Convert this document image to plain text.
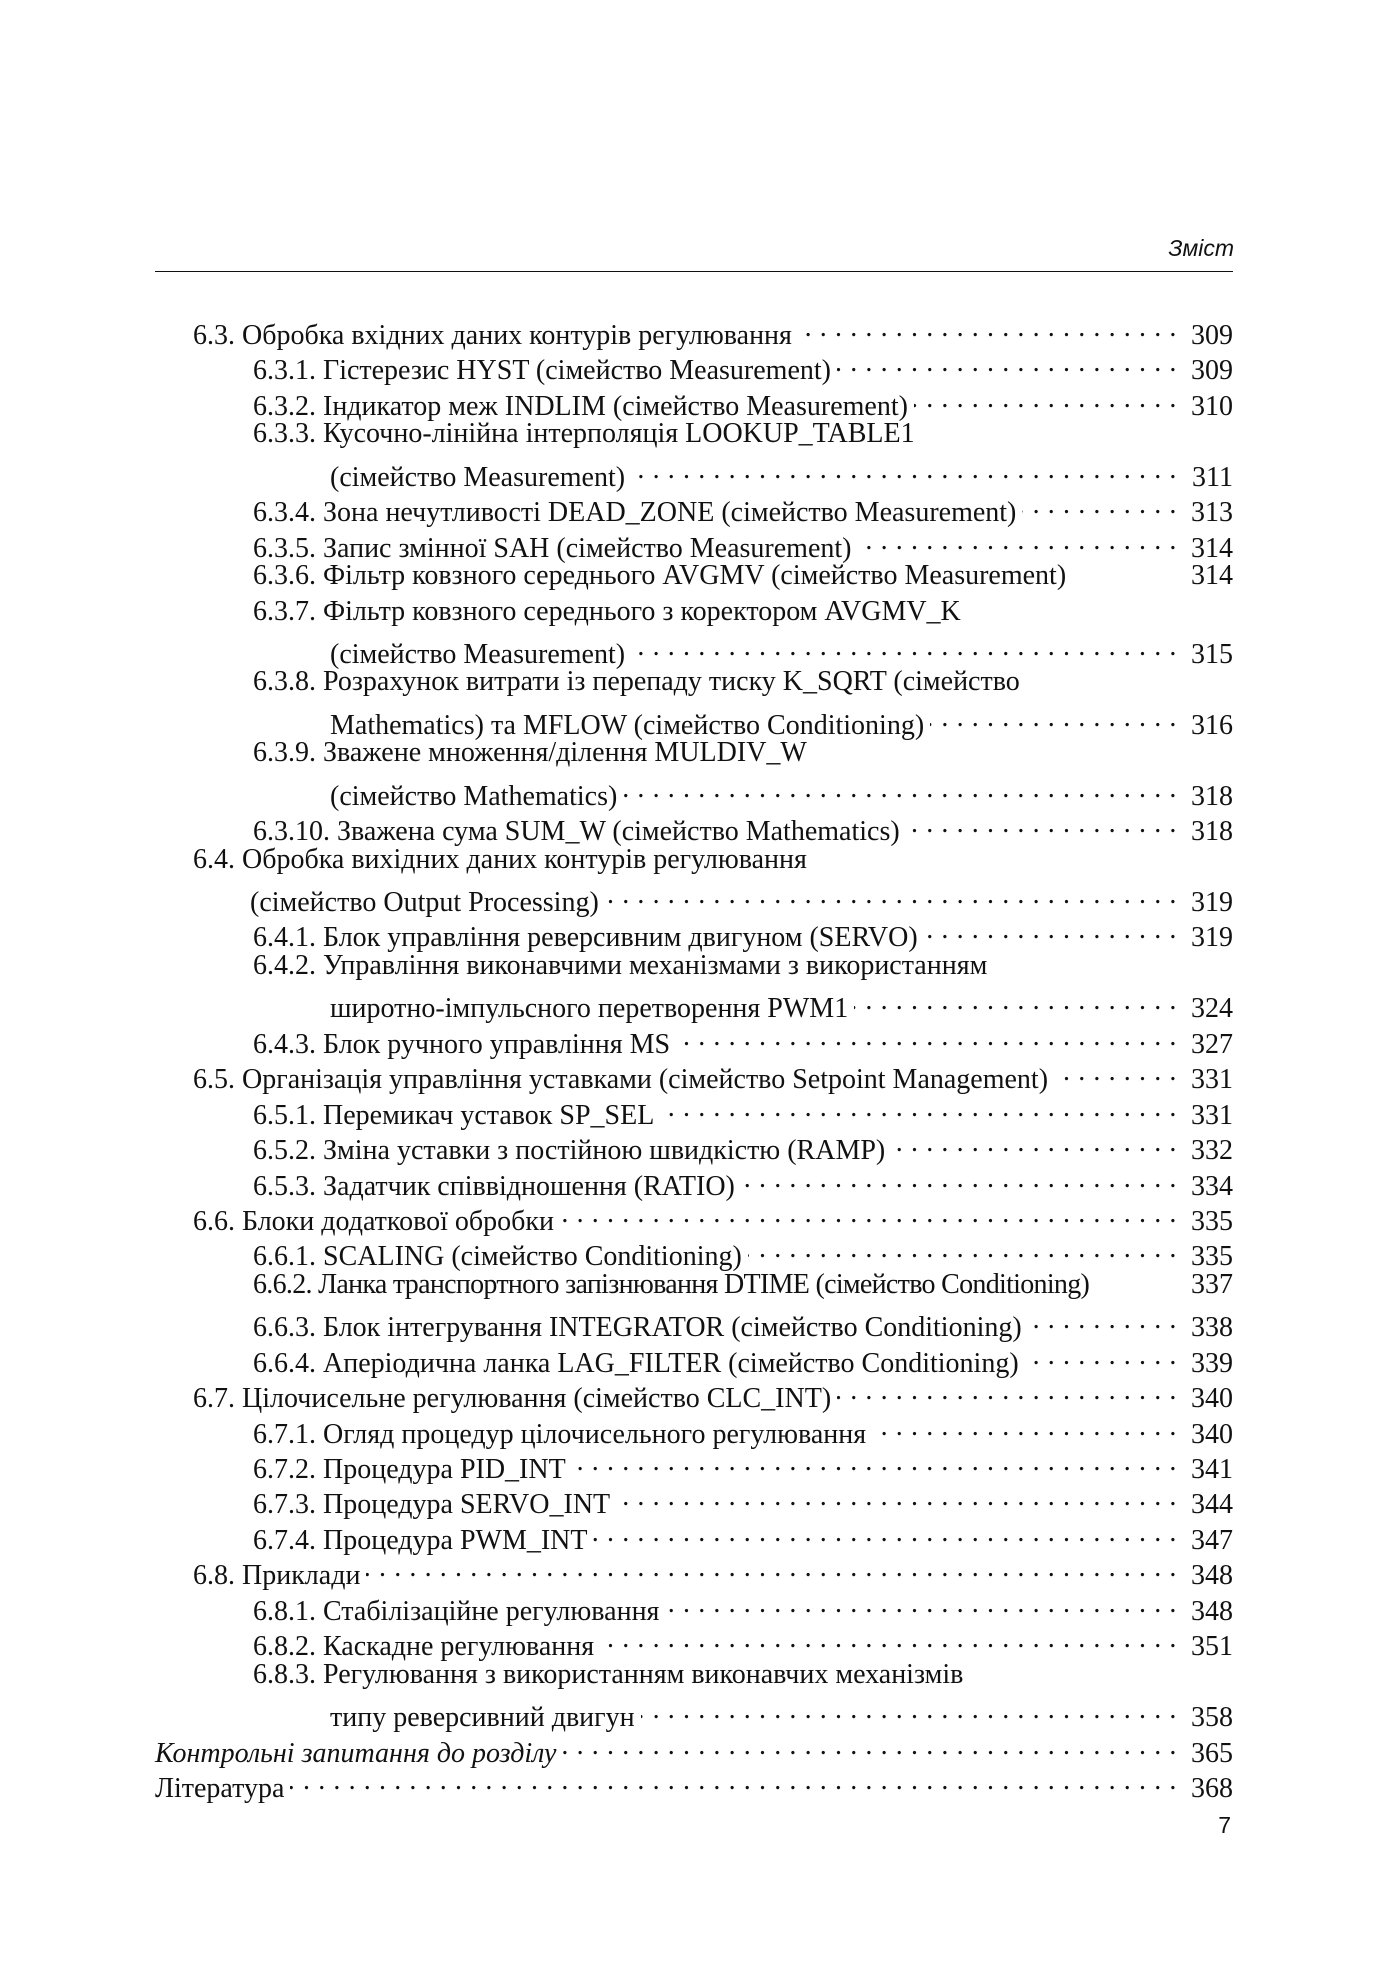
Зміст
6.3. Обробка вхідних даних контурів регулювання . . .	309
6.3.1. Гістерезис HYST (сімейство Measurement) . . .	309
6.3.2. Індикатор меж INDLIM (сімейство Measurement) . . .	310
6.3.3. Кусочно-лінійна інтерполяція LOOKUP_TABLE1
(сімейство Measurement) . . .	311
6.3.4. Зона нечутливості DEAD_ZONE (сімейство Measurement) . . .	313
6.3.5. Запис змінної SAH (сімейство Measurement) . . .	314
6.3.6. Фільтр ковзного середнього AVGMV (сімейство Measurement)	314
6.3.7. Фільтр ковзного середнього з коректором AVGMV_K
(сімейство Measurement) . . .	315
6.3.8. Розрахунок витрати із перепаду тиску K_SQRT (сімейство
Mathematics) та MFLOW (сімейство Conditioning) . . .	316
6.3.9. Зважене множення/ділення MULDIV_W
(сімейство Mathematics) . . .	318
6.3.10. Зважена сума SUM_W (сімейство Mathematics) . . .	318
6.4. Обробка вихідних даних контурів регулювання
(сімейство Output Processing) . . .	319
6.4.1. Блок управління реверсивним двигуном (SERVO) . . .	319
6.4.2. Управління виконавчими механізмами з використанням
широтно-імпульсного перетворення PWM1 . . .	324
6.4.3. Блок ручного управління MS . . .	327
6.5. Організація управління уставками (сімейство Setpoint Management) . . .	331
6.5.1. Перемикач уставок SP_SEL . . .	331
6.5.2. Зміна уставки з постійною швидкістю (RAMP) . . .	332
6.5.3. Задатчик співвідношення (RATIO) . . .	334
6.6. Блоки додаткової обробки . . .	335
6.6.1. SCALING (сімейство Conditioning) . . .	335
6.6.2. Ланка транспортного запізнювання DTIME (сімейство Conditioning)	337
6.6.3. Блок інтегрування INTEGRATOR (сімейство Conditioning) . . .	338
6.6.4. Аперіодична ланка LAG_FILTER (сімейство Conditioning) . . .	339
6.7. Цілочисельне регулювання (сімейство CLC_INT) . . .	340
6.7.1. Огляд процедур цілочисельного регулювання . . .	340
6.7.2. Процедура PID_INT . . .	341
6.7.3. Процедура SERVO_INT . . .	344
6.7.4. Процедура PWM_INT . . .	347
6.8. Приклади . . .	348
6.8.1. Стабілізаційне регулювання . . .	348
6.8.2. Каскадне регулювання . . .	351
6.8.3. Регулювання з використанням виконавчих механізмів
типу реверсивний двигун . . .	358
Контрольні запитання до розділу . . .	365
Література . . .	368
7
